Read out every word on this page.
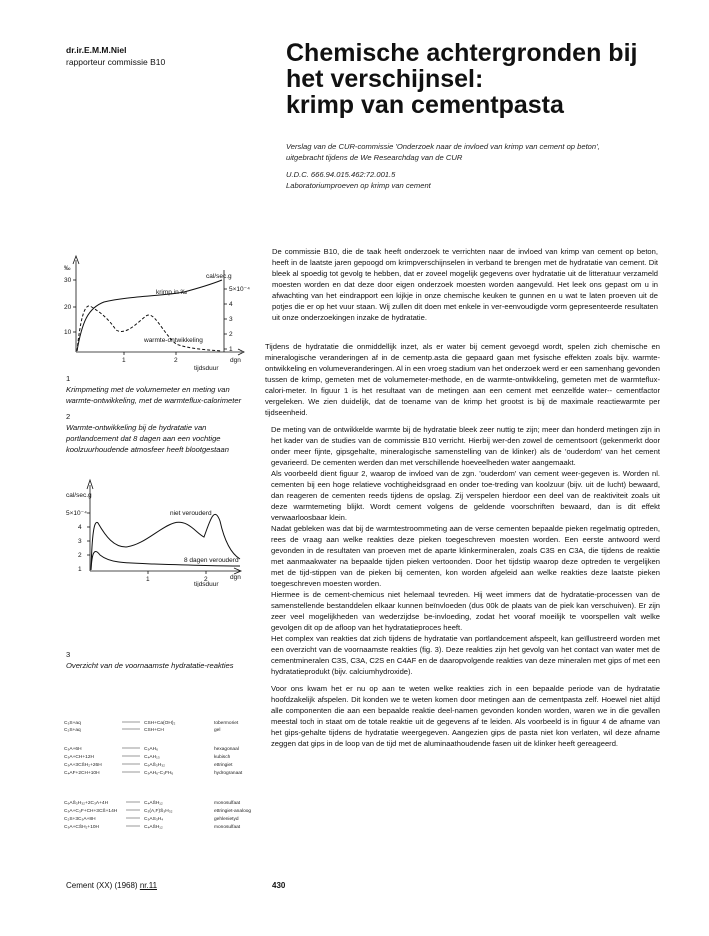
dr.ir.E.M.M.Niel
rapporteur commissie B10	Chemische achtergronden bij
het verschijnsel:
krimp van cementpasta

Verslag van de CUR-commissie 'Onderzoek naar de invloed van krimp van cement op beton',
uitgebracht tijdens de We Researchdag van de CUR

U.D.C. 666.94.015.462:72.001.5
Laboratoriumproeven op krimp van cement

‰
30
20
10
cal/sec.g
5×10⁻⁴
4
3
2
1
krimp in ‰
warmte-ontwikkeling
1	2
tijdsduur
dgn
1
Krimpmeting met de volumemeter en meting van warmte-ontwikkeling, met de warmteflux-calorimeter
2
Warmte-ontwikkeling bij de hydratatie van portlandcement dat 8 dagen aan een vochtige koolzuurhoudende atmosfeer heeft blootgestaan
cal/sec.g
5×10⁻⁴
4
3
2
1
niet verouderd
8 dagen verouderd
1	2
tijdsduur
dgn
3
Overzicht van de voornaamste hydratatie-reakties
C₃S+aq	CSH+Ca(OH)₂	tobermoriet
C₂S+aq	CSH+CH	gel
C₃A+6H	C₃AH₆	hexagonaal
C₃A+CH+12H	C₄AH₁₃	kubisch
C₃A+3CS̄H₂+26H	C₆AS̄₃H₃₂	ettringiet
C₄AF+2CH+10H	C₃AH₆-C₃FH₆	hydrogranaat
C₆AS̄₃H₃₂+2C₃A+4H	C₄AS̄H₁₂	monosulfaat
C₃A+C₃F+CH+3CS̄+14H	C₃(A,F)S̄₃H₃₂	ettringiet-analoog
C₂S+3C₃A+8H	C₃AS₃H₄	gehlenietyd
C₃A+CS̄H₂+10H	C₄AS̄H₁₂	monosulfaat

De commissie B10, die de taak heeft onderzoek te verrichten naar de invloed van krimp van cement op beton, heeft in de laatste jaren gepoogd om krimpverschijnselen in verband te brengen met de hydratatie van cement. Dit bleek al spoedig tot gevolg te hebben, dat er zoveel mogelijk gegevens over hydratatie uit de litteratuur verzameld moesten worden en dat deze door eigen onderzoek moesten worden aangevuld. Het leek ons gepast om u in afwachting van het eindrapport een kijkje in onze chemische keuken te gunnen en u wat te laten proeven uit de potjes die er op het vuur staan. Wij zullen dit doen met enkele in ver-eenvoudigde vorm gepresenteerde resultaten uit onze onderzoekingen inzake de hydratatie.

Tijdens de hydratatie die onmiddellijk inzet, als er water bij cement gevoegd wordt, spelen zich chemische en mineralogische veranderingen af in de cementp.asta die gepaard gaan met fysische effekten zoals bijv. warmte-ontwikkeling en volumeveranderingen. Al in een vroeg stadium van het onderzoek werd er een samenhang gevonden tussen de krimp, gemeten met de volumemeter-methode, en de warmte-ontwikkeling, gemeten met de warmteflux-calori-meter. In figuur 1 is het resultaat van de metingen aan een cement met eenzelfde water-- cementfactor vergeleken. We zien duidelijk, dat de toename van de krimp het grootst is bij de maximale reactiewarmte per tijdseenheid.

De meting van de ontwikkelde warmte bij de hydratatie bleek zeer nuttig te zijn; meer dan honderd metingen zijn in het kader van de studies van de commissie B10 verricht. Hierbij wer-den zowel de cementsoort (gekenmerkt door onder meer fijnte, gipsgehalte, mineralogische samenstelling van de klinker) als de 'ouderdom' van het cement gevarieerd. De cementen werden dan met verschillende hoeveelheden water aangemaakt.

Als voorbeeld dient figuur 2, waarop de invloed van de zgn. 'ouderdom' van cement weer-gegeven is. Worden nl. cementen bij een hoge relatieve vochtigheidsgraad en onder toe-treding van koolzuur (bijv. uit de lucht) bewaard, dan reageren de cementen reeds tijdens de opslag. Zij verspelen hierdoor een deel van de reaktiviteit zoals uit deze warmtemeting blijkt. Wordt cement volgens de geldende voorschriften bewaard, dan is dit effekt verwaarloosbaar klein.

Nadat gebleken was dat bij de warmtestroommeting aan de verse cementen bepaalde pieken regelmatig optreden, rees de vraag aan welke reakties deze pieken toegeschreven moesten worden. Een eerste antwoord werd gevonden in de resultaten van proeven met de aparte klinkermineralen, zoals C3S en C3A, die tijdens de reaktie met aanmaakwater na bepaalde tijden pieken vertoonden. Door het tijdstip waarop deze optreden te vergelijken met de tijd-stippen van de pieken bij cementen, kon worden afgeleid aan welke reakties deze laatste pieken toegeschreven moesten worden.

Hiermee is de cement-chemicus niet helemaal tevreden. Hij weet immers dat de hydratatie-processen van de samenstellende bestanddelen elkaar kunnen beïnvloeden (dus 00k de plaats van de piek kan verschuiven). Er zijn zeer veel mogelijkheden van wederzijdse be-invloeding, zodat het vooraf moeilijk te voorspellen valt welke gevolgen dit op de afloop van het hydratatieproces heeft.

Het complex van reakties dat zich tijdens de hydratatie van portlandcement afspeelt, kan geïllustreerd worden met een overzicht van de voornaamste reakties (fig. 3). Deze reakties zijn het gevolg van het contact van water met de cementmineralen C3S, C3A, C2S en C4AF en de daaropvolgende reakties van deze mineralen met gips of met een hydratatieprodukt (bijv. calciumhydroxide).

Voor ons kwam het er nu op aan te weten welke reakties zich in een bepaalde periode van de hydratatie hoofdzakelijk afspelen. Dit konden we te weten komen door metingen aan de cementpasta zelf. Hoewel niet altijd alle componenten die aan een bepaalde reaktie deel-namen gevonden konden worden, waren we in die gevallen meestal toch in staat om de totale reaktie uit de gegevens af te leiden. Als voorbeeld is in figuur 4 de afname van het gips-gehalte tijdens de hydratatie weergegeven. Aangezien gips de pasta niet kon verlaten, wil deze afname zeggen dat gips in de loop van de tijd met de aluminaathoudende fasen uit de klinker heeft gereageerd.

Cement (XX) (1968) nr.11	430
